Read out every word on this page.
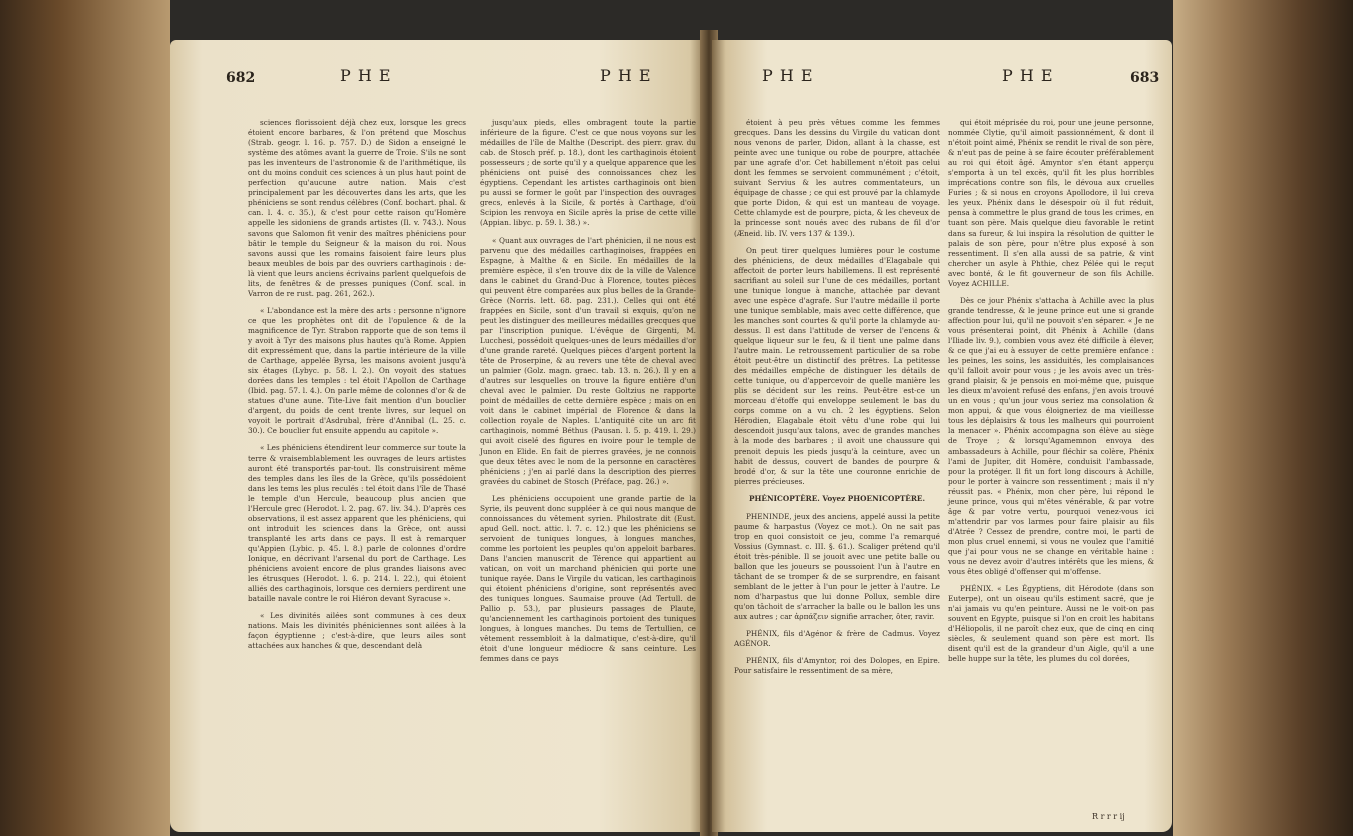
682	P H E	P H E

sciences florissoient déjà chez eux, lorsque les grecs étoient encore barbares, & l'on prétend que Moschus (Strab. geogr. l. 16. p. 757. D.) de Sidon a enseigné le système des atômes avant la guerre de Troie. S'ils ne sont pas les inventeurs de l'astronomie & de l'arithmétique, ils ont du moins conduit ces sciences à un plus haut point de perfection qu'aucune autre nation. Mais c'est principalement par les découvertes dans les arts, que les phéniciens se sont rendus célèbres (Conf. bochart. phal. & can. l. 4. c. 35.), & c'est pour cette raison qu'Homère appelle les sidoniens de grands artistes (Il. v. 743.). Nous savons que Salomon fit venir des maîtres phéniciens pour bâtir le temple du Seigneur & la maison du roi. Nous savons aussi que les romains faisoient faire leurs plus beaux meubles de bois par des ouvriers carthaginois : de-là vient que leurs anciens écrivains parlent quelquefois de lits, de fenêtres & de presses puniques (Conf. scal. in Varron de re rust. pag. 261, 262.).

« L'abondance est la mère des arts : personne n'ignore ce que les prophètes ont dit de l'opulence & de la magnificence de Tyr. Strabon rapporte que de son tems il y avoit à Tyr des maisons plus hautes qu'à Rome. Appien dit expressément que, dans la partie intérieure de la ville de Carthage, appelée Byrsa, les maisons avoient jusqu'à six étages (Lybyc. p. 58. l. 2.). On voyoit des statues dorées dans les temples : tel étoit l'Apollon de Carthage (Ibid. pag. 57. l. 4.). On parle même de colonnes d'or & de statues d'une aune. Tite-Live fait mention d'un bouclier d'argent, du poids de cent trente livres, sur lequel on voyoit le portrait d'Asdrubal, frère d'Annibal (L. 25. c. 30.). Ce bouclier fut ensuite appendu au capitole ».

« Les phéniciens étendirent leur commerce sur toute la terre & vraisemblablement les ouvrages de leurs artistes auront été transportés par-tout. Ils construisirent même des temples dans les îles de la Grèce, qu'ils possédoient dans les tems les plus reculés : tel étoit dans l'île de Thasé le temple d'un Hercule, beaucoup plus ancien que l'Hercule grec (Herodot. l. 2. pag. 67. liv. 34.). D'après ces observations, il est assez apparent que les phéniciens, qui ont introduit les sciences dans la Grèce, ont aussi transplanté les arts dans ce pays. Il est à remarquer qu'Appien (Lybic. p. 45. l. 8.) parle de colonnes d'ordre Ionique, en décrivant l'arsenal du port de Carthage. Les phéniciens avoient encore de plus grandes liaisons avec les étrusques (Herodot. l. 6. p. 214. l. 22.), qui étoient alliés des carthaginois, lorsque ces derniers perdirent une bataille navale contre le roi Hiéron devant Syracuse ».

« Les divinités ailées sont communes à ces deux nations. Mais les divinités phéniciennes sont ailées à la façon égyptienne ; c'est-à-dire, que leurs ailes sont attachées aux hanches & que, descendant delà

jusqu'aux pieds, elles ombragent toute la partie inférieure de la figure. C'est ce que nous voyons sur les médailles de l'île de Malthe (Descript. des pierr. grav. du cab. de Stosch préf. p. 18.), dont les carthaginois étoient possesseurs ; de sorte qu'il y a quelque apparence que les phéniciens ont puisé des connoissances chez les égyptiens. Cependant les artistes carthaginois ont bien pu aussi se former le goût par l'inspection des ouvrages grecs, enlevés à la Sicile, & portés à Carthage, d'où Scipion les renvoya en Sicile après la prise de cette ville (Appian. libyc. p. 59. l. 38.) ».

« Quant aux ouvrages de l'art phénicien, il ne nous est parvenu que des médailles carthaginoises, frappées en Espagne, à Malthe & en Sicile. En médailles de la première espèce, il s'en trouve dix de la ville de Valence dans le cabinet du Grand-Duc à Florence, toutes pièces qui peuvent être comparées aux plus belles de la Grande-Grèce (Norris. lett. 68. pag. 231.). Celles qui ont été frappées en Sicile, sont d'un travail si exquis, qu'on ne peut les distinguer des meilleures médailles grecques que par l'inscription punique. L'évêque de Girgenti, M. Lucchesi, possédoit quelques-unes de leurs médailles d'or d'une grande rareté. Quelques pièces d'argent portent la tête de Proserpine, & au revers une tête de cheval avec un palmier (Golz. magn. graec. tab. 13. n. 26.). Il y en a d'autres sur lesquelles on trouve la figure entière d'un cheval avec le palmier. Du reste Goltzius ne rapporte point de médailles de cette dernière espèce ; mais on en voit dans le cabinet impérial de Florence & dans la collection royale de Naples. L'antiquité cite un arc fit carthaginois, nommé Béthus (Pausan. l. 5. p. 419. l. 29.) qui avoit ciselé des figures en ivoire pour le temple de Junon en Elide. En fait de pierres gravées, je ne connois que deux têtes avec le nom de la personne en caractères phéniciens ; j'en ai parlé dans la description des pierres gravées du cabinet de Stosch (Préface, pag. 26.) ».

Les phéniciens occupoient une grande partie de la Syrie, ils peuvent donc suppléer à ce qui nous manque de connoissances du vêtement syrien. Philostrate dit (Eust. apud Gell. noct. attic. l. 7. c. 12.) que les phéniciens se servoient de tuniques longues, à longues manches, comme les portoient les peuples qu'on appeloit barbares. Dans l'ancien manuscrit de Térence qui appartient au vatican, on voit un marchand phénicien qui porte une tunique rayée. Dans le Virgile du vatican, les carthaginois qui étoient phéniciens d'origine, sont représentés avec des tuniques longues. Saumaise prouve (Ad Tertull. de Pallio p. 53.), par plusieurs passages de Plaute, qu'anciennement les carthaginois portoient des tuniques longues, à longues manches. Du tems de Tertullien, ce vêtement ressembloit à la dalmatique, c'est-à-dire, qu'il étoit d'une longueur médiocre & sans ceinture. Les femmes dans ce pays

P H E	P H E	683

étoient à peu près vêtues comme les femmes grecques. Dans les dessins du Virgile du vatican dont nous venons de parler, Didon, allant à la chasse, est peinte avec une tunique ou robe de pourpre, attachée par une agrafe d'or. Cet habillement n'étoit pas celui dont les femmes se servoient communément ; c'étoit, suivant Servius & les autres commentateurs, un équipage de chasse ; ce qui est prouvé par la chlamyde que porte Didon, & qui est un manteau de voyage. Cette chlamyde est de pourpre, picta, & les cheveux de la princesse sont noués avec des rubans de fil d'or (Æneid. lib. IV. vers 137 & 139.).

On peut tirer quelques lumières pour le costume des phéniciens, de deux médailles d'Elagabale qui affectoit de porter leurs habillemens. Il est représenté sacrifiant au soleil sur l'une de ces médailles, portant une tunique longue à manche, attachée par devant avec une espèce d'agrafe. Sur l'autre médaille il porte une tunique semblable, mais avec cette différence, que les manches sont courtes & qu'il porte la chlamyde au-dessus. Il est dans l'attitude de verser de l'encens & quelque liqueur sur le feu, & il tient une palme dans l'autre main. Le retroussement particulier de sa robe étoit peut-être un distinctif des prêtres. La petitesse des médailles empêche de distinguer les détails de cette tunique, ou d'appercevoir de quelle manière les plis se décident sur les reins. Peut-être est-ce un morceau d'étoffe qui enveloppe seulement le bas du corps comme on a vu ch. 2 les égyptiens. Selon Hérodien, Elagabale étoit vêtu d'une robe qui lui descendoit jusqu'aux talons, avec de grandes manches à la mode des barbares ; il avoit une chaussure qui prenoit depuis les pieds jusqu'à la ceinture, avec un habit de dessus, couvert de bandes de pourpre & brodé d'or, & sur la tête une couronne enrichie de pierres précieuses.

PHÉNICOPTÈRE. Voyez PHOENICOPTÈRE.

PHENINDE, jeux des anciens, appelé aussi la petite paume & harpastus (Voyez ce mot.). On ne sait pas trop en quoi consistoit ce jeu, comme l'a remarqué Vossius (Gymnast. c. III. §. 61.). Scaliger prétend qu'il étoit très-pénible. Il se jouoit avec une petite balle ou ballon que les joueurs se poussoient l'un à l'autre en tâchant de se tromper & de se surprendre, en faisant semblant de le jetter à l'un pour le jetter à l'autre. Le nom d'harpastus que lui donne Pollux, semble dire qu'on tâchoit de s'arracher la balle ou le ballon les uns aux autres ; car ἁρπάζειν signifie arracher, ôter, ravir.

PHÉNIX, fils d'Agénor & frère de Cadmus. Voyez AGÉNOR.

PHÉNIX, fils d'Amyntor, roi des Dolopes, en Epire. Pour satisfaire le ressentiment de sa mère,

qui étoit méprisée du roi, pour une jeune personne, nommée Clytie, qu'il aimoit passionnément, & dont il n'étoit point aimé, Phénix se rendit le rival de son père, & n'eut pas de peine à se faire écouter préférablement au roi qui étoit âgé. Amyntor s'en étant apperçu s'emporta à un tel excès, qu'il fit les plus horribles imprécations contre son fils, le dévoua aux cruelles Furies ; & si nous en croyons Apollodore, il lui creva les yeux. Phénix dans le désespoir où il fut réduit, pensa à commettre le plus grand de tous les crimes, en tuant son père. Mais quelque dieu favorable le retint dans sa fureur, & lui inspira la résolution de quitter le palais de son père, pour n'être plus exposé à son ressentiment. Il s'en alla aussi de sa patrie, & vint chercher un asyle à Phthie, chez Pélée qui le reçut avec bonté, & le fit gouverneur de son fils Achille. Voyez ACHILLE.

Dès ce jour Phénix s'attacha à Achille avec la plus grande tendresse, & le jeune prince eut une si grande affection pour lui, qu'il ne pouvoit s'en séparer. « Je ne vous présenterai point, dit Phénix à Achille (dans l'Iliade liv. 9.), combien vous avez été difficile à élever, & ce que j'ai eu à essuyer de cette première enfance : les peines, les soins, les assiduités, les complaisances qu'il falloit avoir pour vous ; je les avois avec un très-grand plaisir, & je pensois en moi-même que, puisque les dieux m'avoient refusé des enfans, j'en avois trouvé un en vous ; qu'un jour vous seriez ma consolation & mon appui, & que vous éloigneriez de ma vieillesse tous les déplaisirs & tous les malheurs qui pourroient la menacer ». Phénix accompagna son élève au siège de Troye ; & lorsqu'Agamemnon envoya des ambassadeurs à Achille, pour fléchir sa colère, Phénix l'ami de Jupiter, dit Homère, conduisit l'ambassade, pour la protéger. Il fit un fort long discours à Achille, pour le porter à vaincre son ressentiment ; mais il n'y réussit pas. « Phénix, mon cher père, lui répond le jeune prince, vous qui m'êtes vénérable, & par votre âge & par votre vertu, pourquoi venez-vous ici m'attendrir par vos larmes pour faire plaisir au fils d'Atrée ? Cessez de prendre, contre moi, le parti de mon plus cruel ennemi, si vous ne voulez que l'amitié que j'ai pour vous ne se change en véritable haine : vous ne devez avoir d'autres intérêts que les miens, & vous êtes obligé d'offenser qui m'offense.

PHÉNIX. « Les Égyptiens, dit Hérodote (dans son Euterpe), ont un oiseau qu'ils estiment sacré, que je n'ai jamais vu qu'en peinture. Aussi ne le voit-on pas souvent en Egypte, puisque si l'on en croit les habitans d'Héliopolis, il ne paroît chez eux, que de cinq en cinq siècles, & seulement quand son père est mort. Ils disent qu'il est de la grandeur d'un Aigle, qu'il a une belle huppe sur la tête, les plumes du col dorées,

R r r r ij
